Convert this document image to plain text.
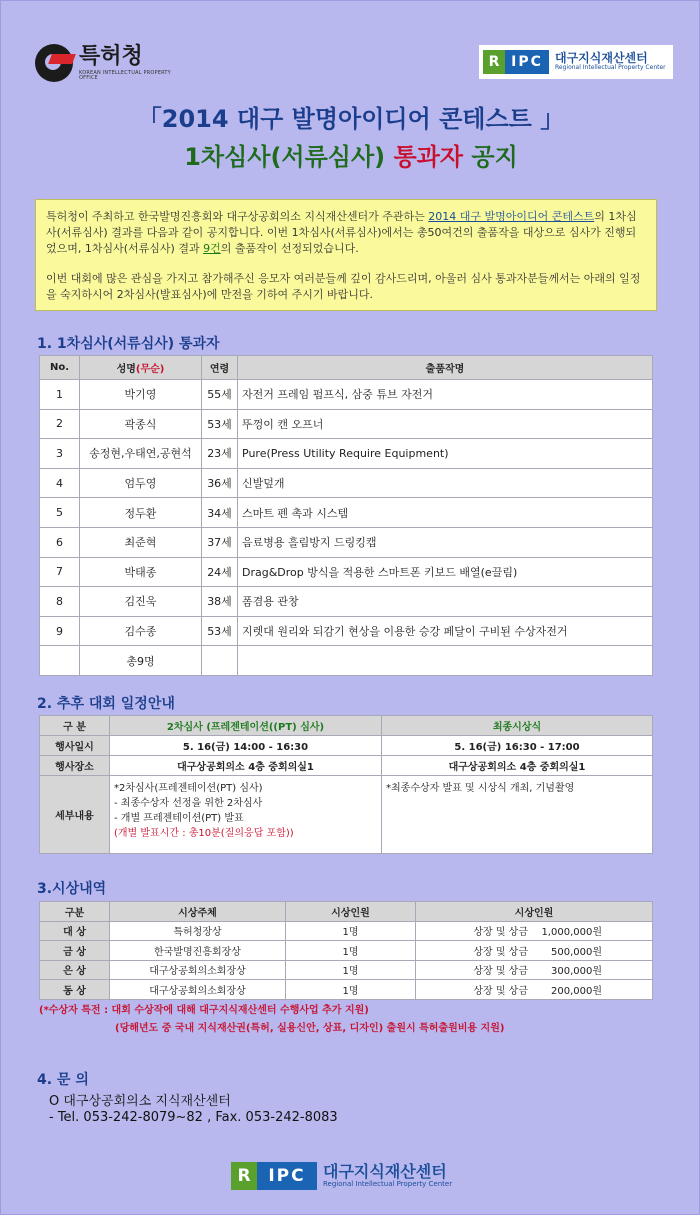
특허청
KOREAN INTELLECTUAL PROPERTY OFFICE
R IPC	대구지식재산센터
Regional Intellectual Property Center
「2014 대구 발명아이디어 콘테스트 」
1차심사(서류심사) 통과자 공지

특허청이 주최하고 한국발명진흥회와 대구상공회의소 지식재산센터가 주관하는 2014 대구 발명아이디어 콘테스트의 1차심사(서류심사) 결과를 다음과 같이 공지합니다. 이번 1차심사(서류심사)에서는 총50여건의 출품작을 대상으로 심사가 진행되었으며, 1차심사(서류심사) 결과 9건의 출품작이 선정되었습니다.

이번 대회에 많은 관심을 가지고 참가해주신 응모자 여러분들께 깊이 감사드리며, 아울러 심사 통과자분들께서는 아래의 일정을 숙지하시어 2차심사(발표심사)에 만전을 기하여 주시기 바랍니다.

1. 1차심사(서류심사) 통과자
No.	성명(무순)	연령	출품작명
1	박기영	55세	자전거 프레임 펌프식, 삼중 튜브 자전거
2	곽종식	53세	뚜껑이 캔 오프너
3	송정현,우태연,공현석	23세	Pure(Press Utility Require Equipment)
4	엄두영	36세	신발덮개
5	정두환	34세	스마트 펜 촉과 시스템
6	최준혁	37세	음료병용 흘림방지 드링킹캡
7	박태종	24세	Drag&Drop 방식을 적용한 스마트폰 키보드 배열(e끌림)
8	김진욱	38세	폼겸용 관창
9	김수종	53세	지렛대 원리와 되감기 현상을 이용한 승강 페달이 구비된 수상자전거
	총9명		
2. 추후 대회 일정안내
구 분	2차심사 (프레젠테이션((PT) 심사)	최종시상식
행사일시	5. 16(금) 14:00 - 16:30	5. 16(금) 16:30 - 17:00
행사장소	대구상공회의소 4층 중회의실1	대구상공회의소 4층 중회의실1
세부내용	*2차심사(프레젠테이션(PT) 심사)
- 최종수상자 선정을 위한 2차심사
- 개별 프레젠테이션(PT) 발표
(개별 발표시간 : 총10분(질의응답 포함))	*최종수상자 발표 및 시상식 개최, 기념촬영
3.시상내역
구분	시상주체	시상인원	시상인원
대 상	특허청장상	1명	상장 및 상금 1,000,000원
금 상	한국발명진흥회장상	1명	상장 및 상금 500,000원
은 상	대구상공회의소회장상	1명	상장 및 상금 300,000원
동 상	대구상공회의소회장상	1명	상장 및 상금 200,000원
(*수상자 특전 : 대회 수상작에 대해 대구지식재산센터 수행사업 추가 지원)
(당해년도 중 국내 지식재산권(특허, 실용신안, 상표, 디자인) 출원시 특허출원비용 지원)
4. 문 의
O 대구상공회의소 지식재산센터
- Tel. 053-242-8079~82 , Fax. 053-242-8083
R	IPC	대구지식재산센터
Regional Intellectual Property Center
